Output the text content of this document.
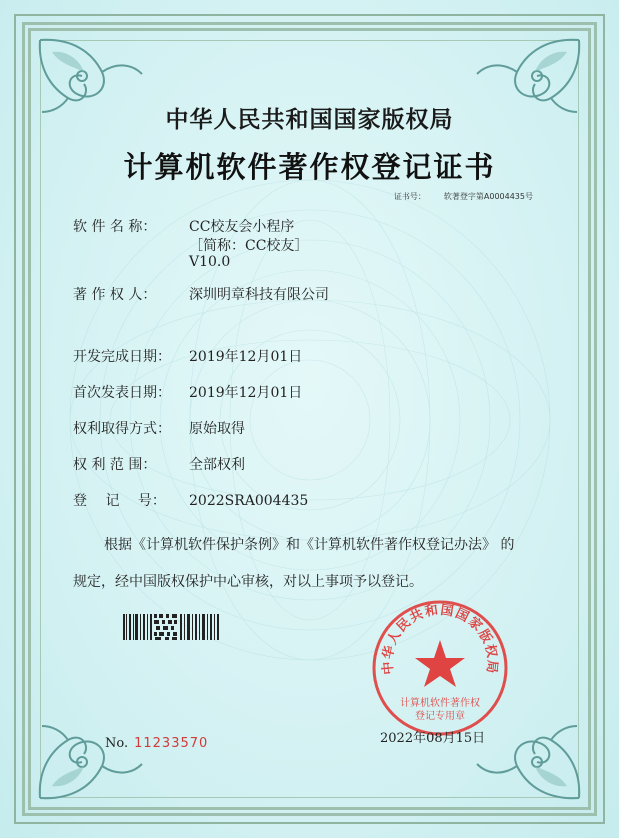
中华人民共和国国家版权局
计算机软件著作权登记证书
证书号： 软著登字第A0004435号
软 件 名 称： CC校友会小程序
［简称：CC校友］
V10.0
著 作 权 人： 深圳明章科技有限公司
开发完成日期： 2019年12月01日
首次发表日期： 2019年12月01日
权利取得方式： 原始取得
权 利 范 围： 全部权利
登　 记　 号： 2022SRA004435
根据《计算机软件保护条例》和《计算机软件著作权登记办法》 的
规定，经中国版权保护中心审核，对以上事项予以登记。
No. 11233570
中华人民共和国国家版权局
计算机软件著作权
登记专用章
2022年08月15日
